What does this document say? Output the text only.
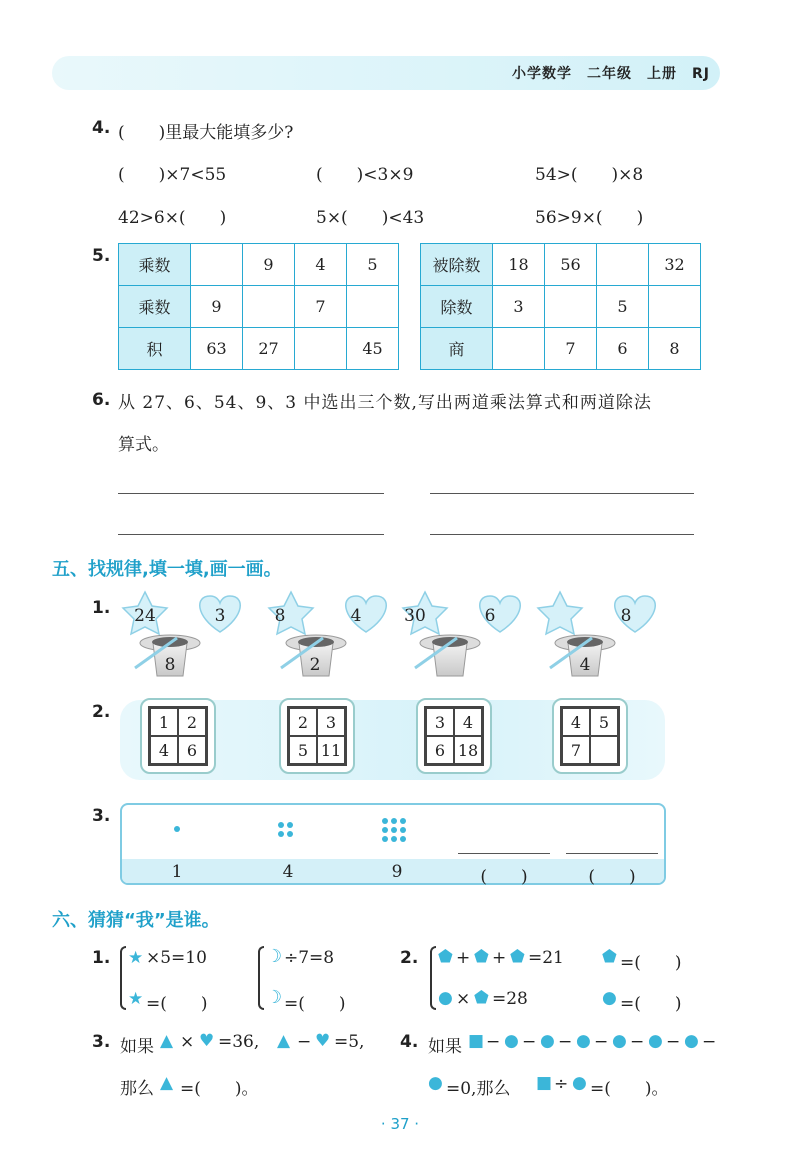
小学数学　二年级　上册　RJ
4. (　　)里最大能填多少?
(　　)×7<55	(　　)<3×9	54>(　　)×8
42>6×(　　)	5×(　　)<43	56>9×(　　)
5. 乘数		9	4	5
乘数	9		7	
积	63	27		45
被除数	18	56		32
除数	3		5	
商		7	6	8
6. 从 27、6、54、9、3 中选出三个数,写出两道乘法算式和两道除法
算式。
五、找规律,填一填,画一画。
1. 24	3
8
8	4
2
30	6	8
4
2.	1	2
4	6
2	3
5 11
3	4
6 18
4	5
7
3.
1	4	9	(　　)	(　　)
六、猜猜“我”是谁。
1. ★ ×5=10
★ =(　　)
☽ ÷7=8
☽ =(　　)
2. ⬟ + ⬟ + ⬟ =21
● × ⬟ =28
⬟ =(　　)
● =(　　)
3. 如果 ▲ × ♥ =36, ▲ − ♥ =5,
那么 ▲ =(　　)。
4. 如果 ■ − ● − ● − ● − ● − ● − ● −
● =0,那么 ■ ÷ ● =(　　)。
· 37 ·
